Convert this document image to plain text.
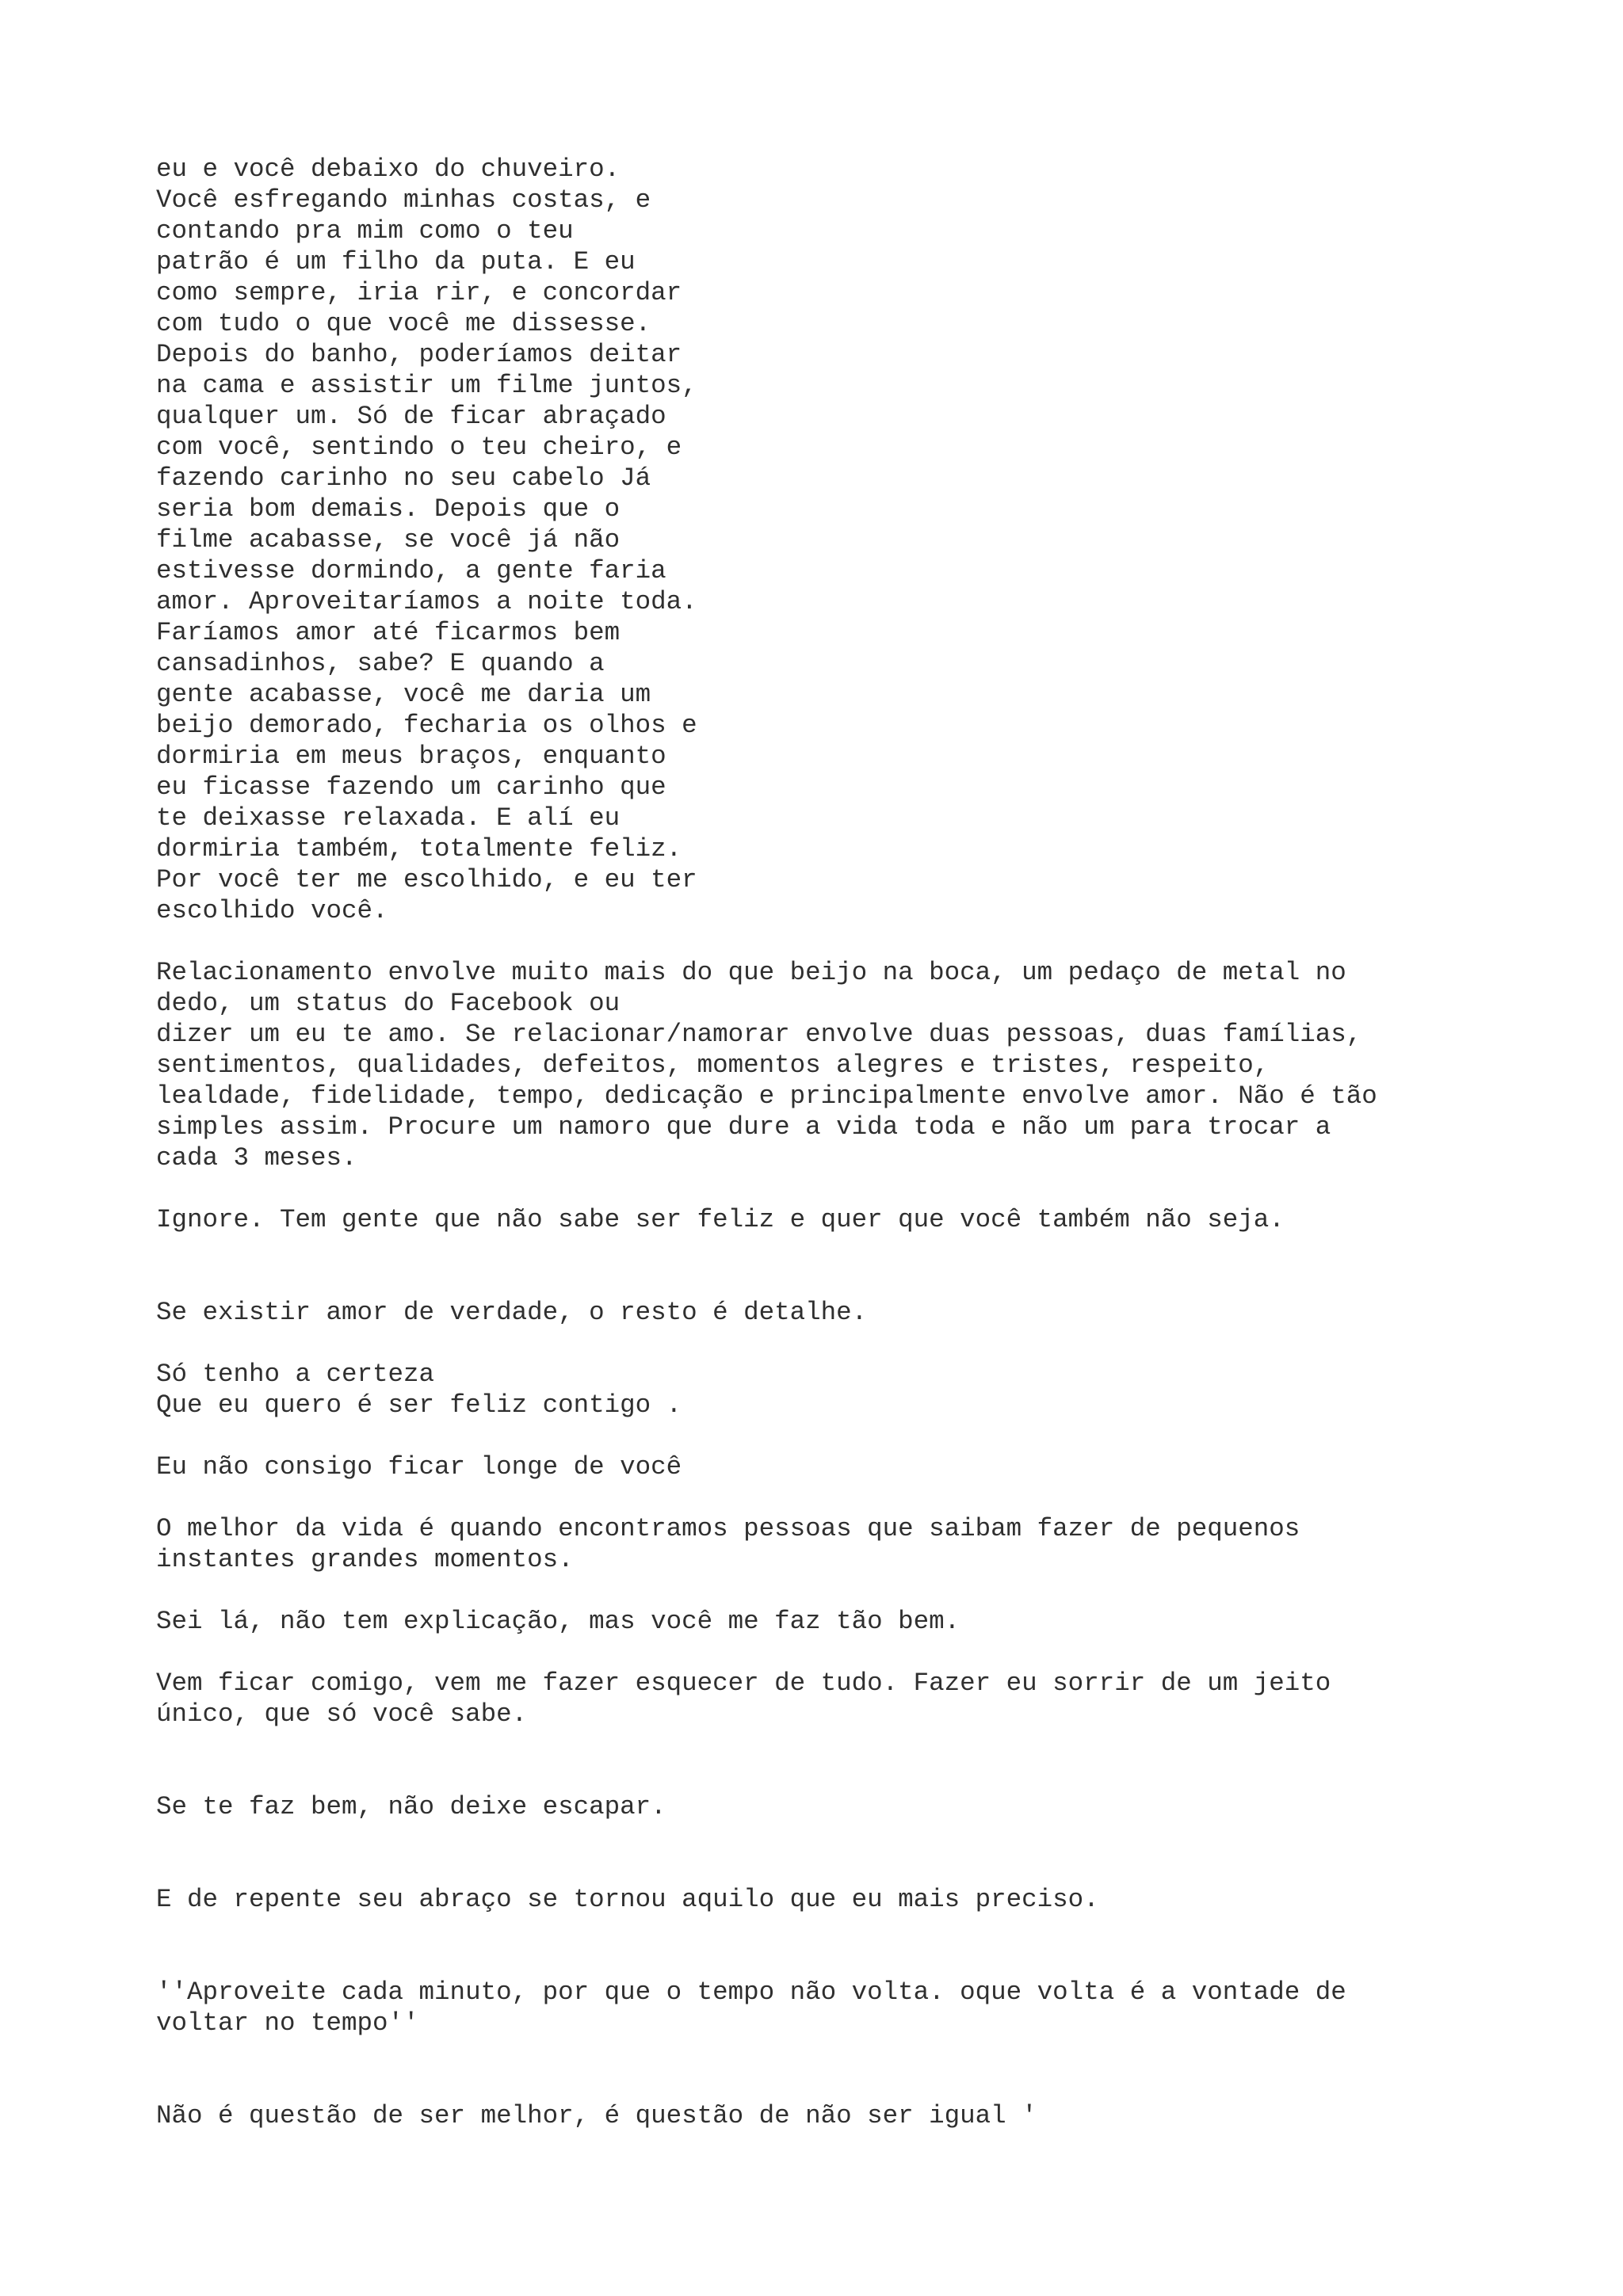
eu e você debaixo do chuveiro.
Você esfregando minhas costas, e
contando pra mim como o teu
patrão é um filho da puta. E eu
como sempre, iria rir, e concordar
com tudo o que você me dissesse.
Depois do banho, poderíamos deitar
na cama e assistir um filme juntos,
qualquer um. Só de ficar abraçado
com você, sentindo o teu cheiro, e
fazendo carinho no seu cabelo Já
seria bom demais. Depois que o
filme acabasse, se você já não
estivesse dormindo, a gente faria
amor. Aproveitaríamos a noite toda.
Faríamos amor até ficarmos bem
cansadinhos, sabe? E quando a
gente acabasse, você me daria um
beijo demorado, fecharia os olhos e
dormiria em meus braços, enquanto
eu ficasse fazendo um carinho que
te deixasse relaxada. E alí eu
dormiria também, totalmente feliz.
Por você ter me escolhido, e eu ter
escolhido você.
Relacionamento envolve muito mais do que beijo na boca, um pedaço de metal no
dedo, um status do Facebook ou
dizer um eu te amo. Se relacionar/namorar envolve duas pessoas, duas famílias,
sentimentos, qualidades, defeitos, momentos alegres e tristes, respeito,
lealdade, fidelidade, tempo, dedicação e principalmente envolve amor. Não é tão
simples assim. Procure um namoro que dure a vida toda e não um para trocar a
cada 3 meses.
Ignore. Tem gente que não sabe ser feliz e quer que você também não seja.
Se existir amor de verdade, o resto é detalhe.
Só tenho a certeza
Que eu quero é ser feliz contigo .
Eu não consigo ficar longe de você
O melhor da vida é quando encontramos pessoas que saibam fazer de pequenos
instantes grandes momentos.
Sei lá, não tem explicação, mas você me faz tão bem.
Vem ficar comigo, vem me fazer esquecer de tudo. Fazer eu sorrir de um jeito
único, que só você sabe.
Se te faz bem, não deixe escapar.
E de repente seu abraço se tornou aquilo que eu mais preciso.
''Aproveite cada minuto, por que o tempo não volta. oque volta é a vontade de
voltar no tempo''
Não é questão de ser melhor, é questão de não ser igual '
